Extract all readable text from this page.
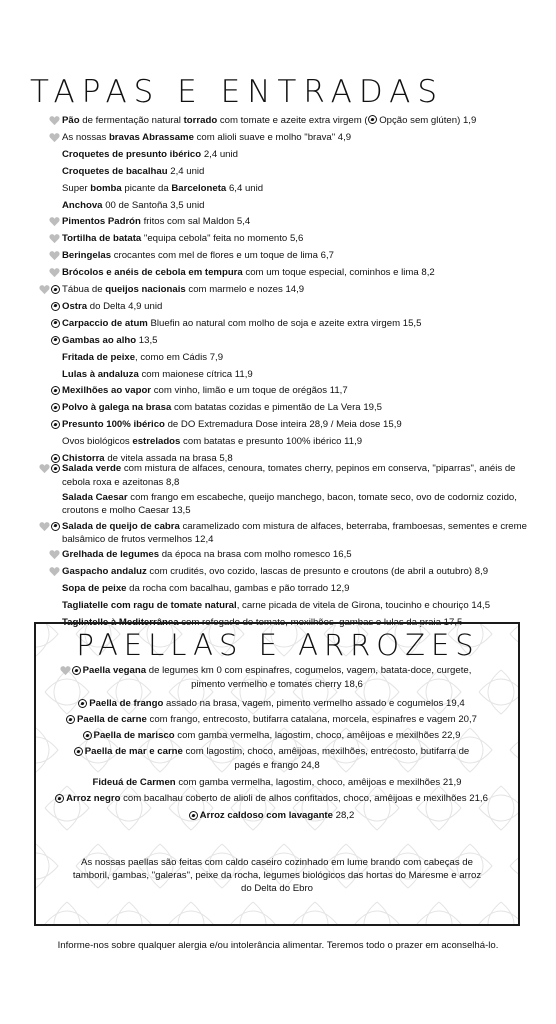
TAPAS E ENTRADAS
Pão de fermentação natural torrado com tomate e azeite extra virgem ( Opção sem glúten) 1,9
As nossas bravas Abrassame com alioli suave e molho "brava" 4,9
Croquetes de presunto ibérico 2,4 unid
Croquetes de bacalhau 2,4 unid
Super bomba picante da Barceloneta 6,4 unid
Anchova 00 de Santoña 3,5 unid
Pimentos Padrón fritos com sal Maldon 5,4
Tortilha de batata "equipa cebola" feita no momento 5,6
Beringelas crocantes com mel de flores e um toque de lima 6,7
Brócolos e anéis de cebola em tempura com um toque especial, cominhos e lima 8,2
Tábua de queijos nacionais com marmelo e nozes 14,9
Ostra do Delta 4,9 unid
Carpaccio de atum Bluefin ao natural com molho de soja e azeite extra virgem 15,5
Gambas ao alho 13,5
Fritada de peixe, como em Cádis 7,9
Lulas à andaluza com maionese cítrica 11,9
Mexilhões ao vapor com vinho, limão e um toque de orégãos 11,7
Polvo à galega na brasa com batatas cozidas e pimentão de La Vera 19,5
Presunto 100% ibérico de DO Extremadura Dose inteira 28,9 / Meia dose 15,9
Ovos biológicos estrelados com batatas e presunto 100% ibérico 11,9
Chistorra de vitela assada na brasa 5,8
Salada verde com mistura de alfaces, cenoura, tomates cherry, pepinos em conserva, "piparras", anéis de cebola roxa e azeitonas 8,8
Salada Caesar com frango em escabeche, queijo manchego, bacon, tomate seco, ovo de codorniz cozido, croutons e molho Caesar 13,5
Salada de queijo de cabra caramelizado com mistura de alfaces, beterraba, framboesas, sementes e creme balsâmico de frutos vermelhos 12,4
Grelhada de legumes da época na brasa com molho romesco 16,5
Gaspacho andaluz com crudités, ovo cozido, lascas de presunto e croutons (de abril a outubro) 8,9
Sopa de peixe da rocha com bacalhau, gambas e pão torrado 12,9
Tagliatelle com ragu de tomate natural, carne picada de vitela de Girona, toucinho e chouriço 14,5
Tagliatelle à Mediterrânea com refogado de tomate, mexilhões, gambas e lulas da praia 17,5
PAELLAS E ARROZES
Paella vegana de legumes km 0 com espinafres, cogumelos, vagem, batata-doce, curgete,
pimento vermelho e tomates cherry 18,6
Paella de frango assado na brasa, vagem, pimento vermelho assado e cogumelos 19,4
Paella de carne com frango, entrecosto, butifarra catalana, morcela, espinafres e vagem 20,7
Paella de marisco com gamba vermelha, lagostim, choco, amêijoas e mexilhões 22,9
Paella de mar e carne com lagostim, choco, amêijoas, mexilhões, entrecosto, butifarra de
pagés e frango 24,8
Fideuá de Carmen com gamba vermelha, lagostim, choco, amêijoas e mexilhões 21,9
Arroz negro com bacalhau coberto de alioli de alhos confitados, choco, amêijoas e mexilhões 21,6
Arroz caldoso com lavagante 28,2
As nossas paellas são feitas com caldo caseiro cozinhado em lume brando com cabeças de tamboril, gambas, "galeras", peixe da rocha, legumes biológicos das hortas do Maresme e arroz do Delta do Ebro
Informe-nos sobre qualquer alergia e/ou intolerância alimentar. Teremos todo o prazer em aconselhá-lo.
